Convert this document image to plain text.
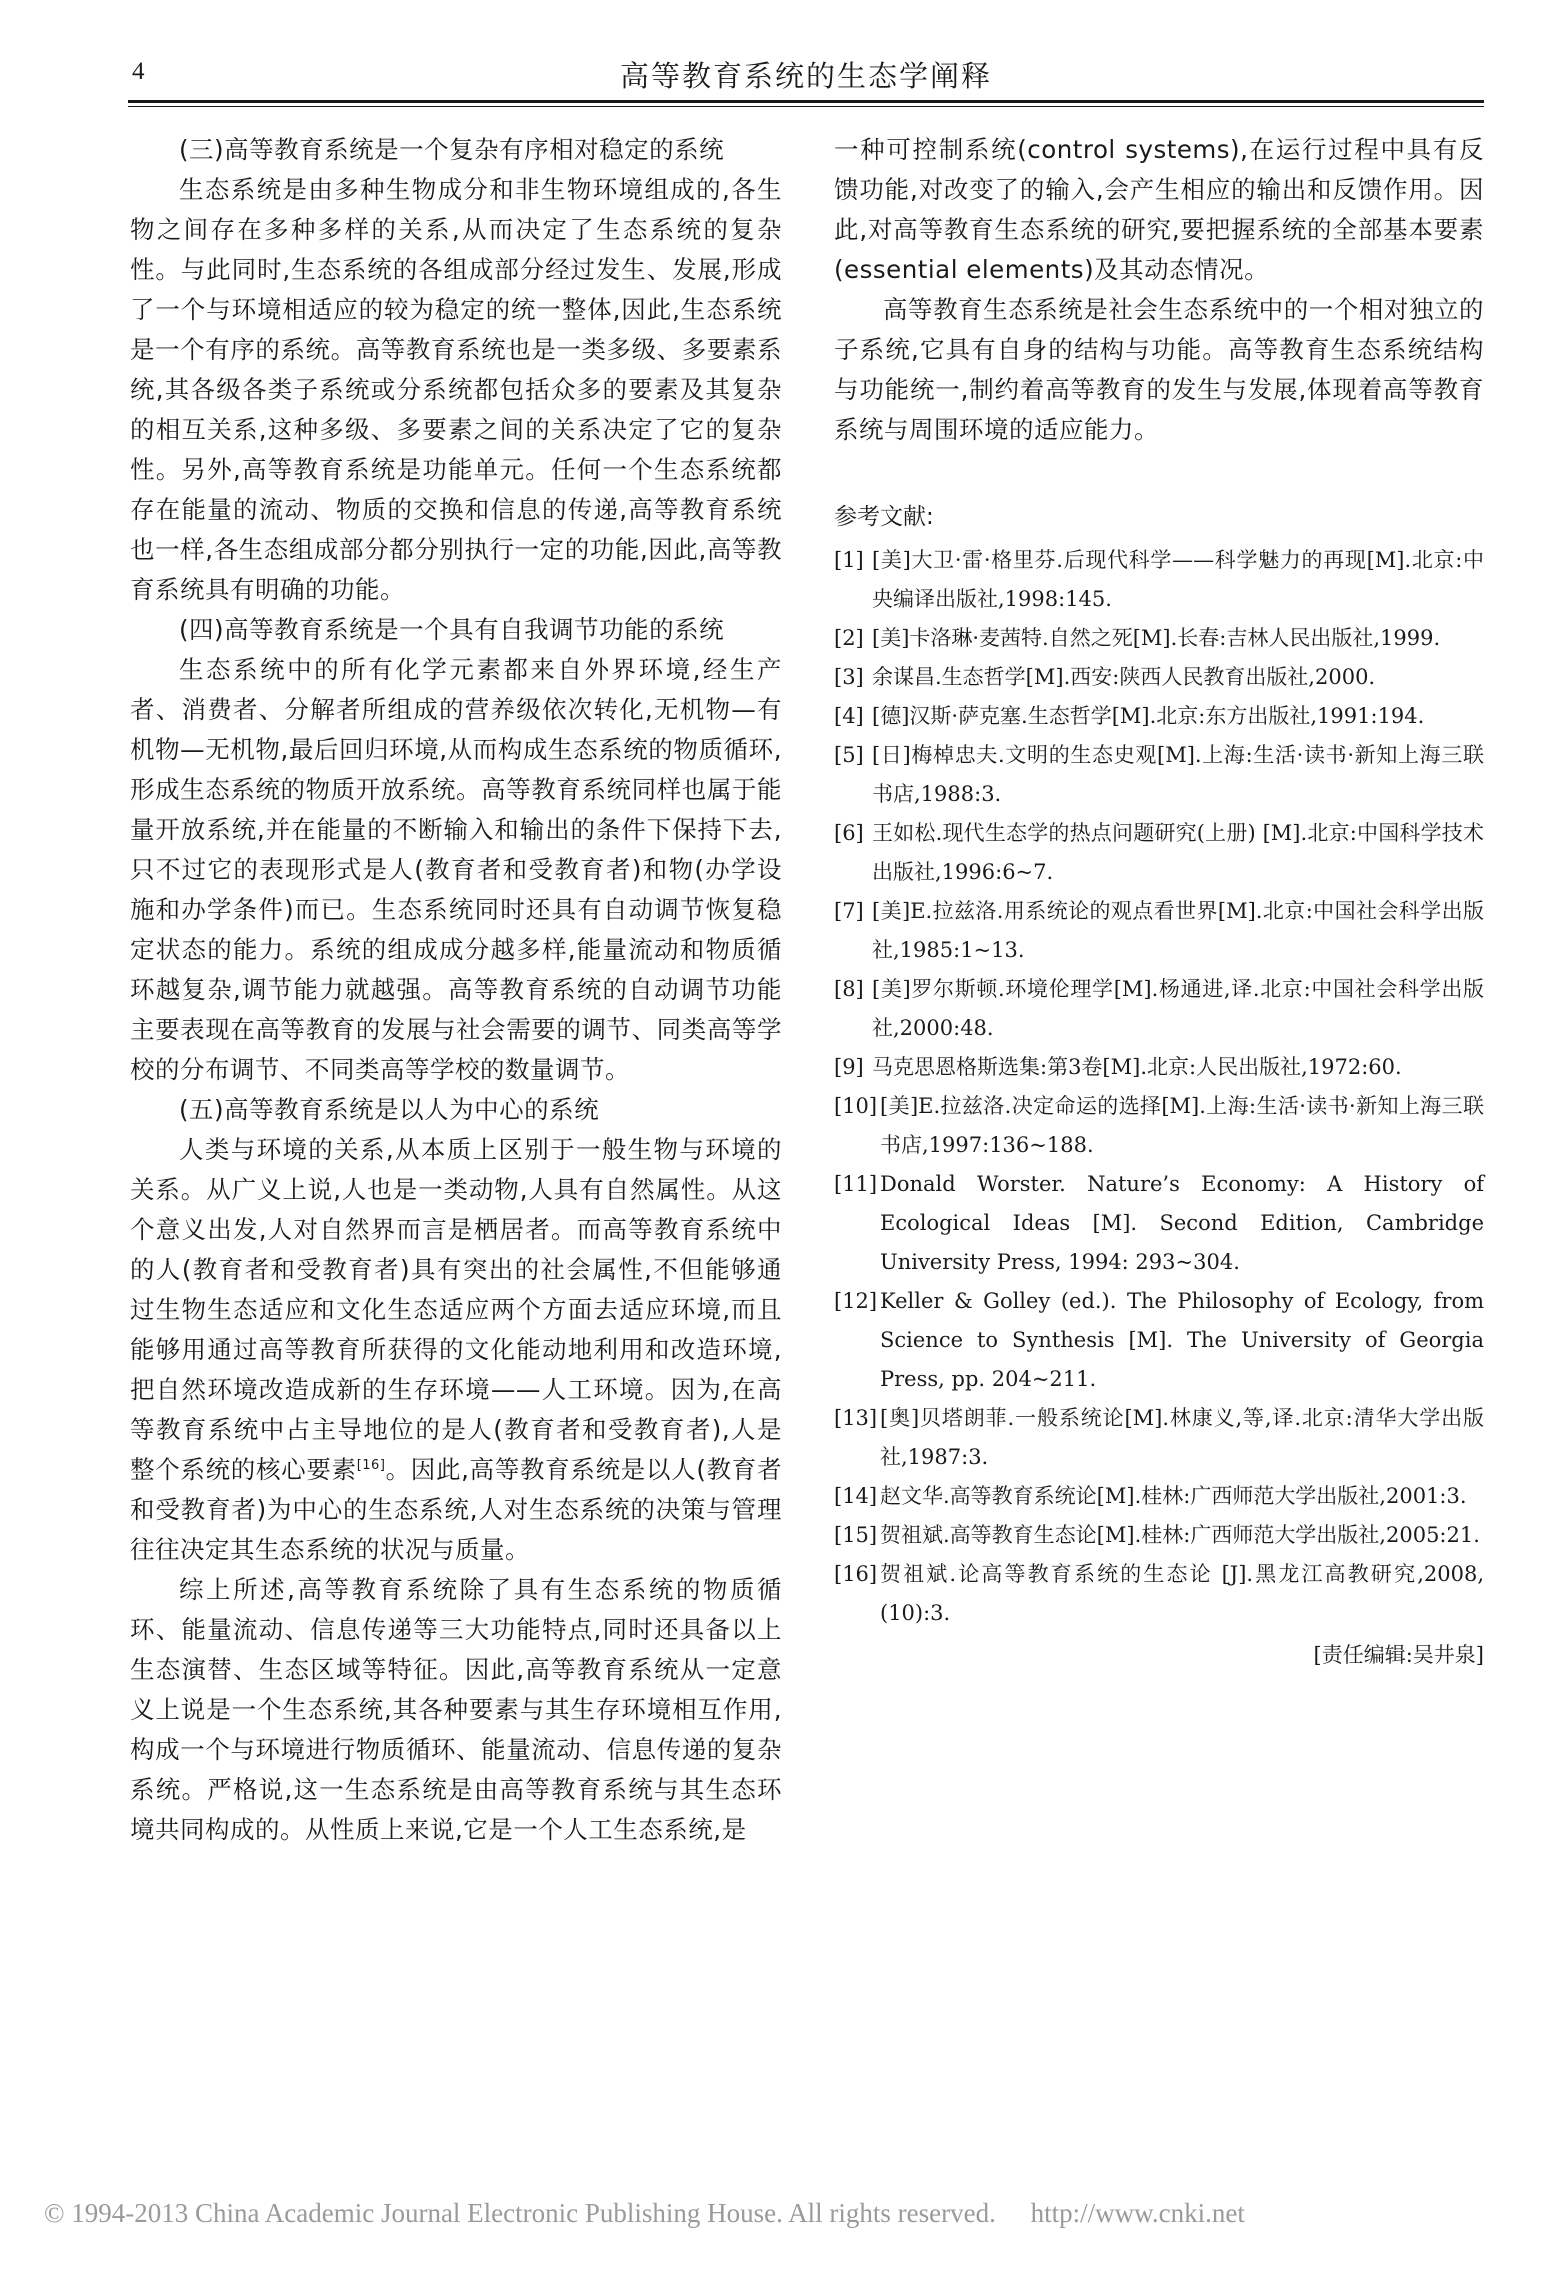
4	高等教育系统的生态学阐释

(三)高等教育系统是一个复杂有序相对稳定的系统

生态系统是由多种生物成分和非生物环境组成的,各生物之间存在多种多样的关系,从而决定了生态系统的复杂性。与此同时,生态系统的各组成部分经过发生、发展,形成了一个与环境相适应的较为稳定的统一整体,因此,生态系统是一个有序的系统。高等教育系统也是一类多级、多要素系统,其各级各类子系统或分系统都包括众多的要素及其复杂的相互关系,这种多级、多要素之间的关系决定了它的复杂性。另外,高等教育系统是功能单元。任何一个生态系统都存在能量的流动、物质的交换和信息的传递,高等教育系统也一样,各生态组成部分都分别执行一定的功能,因此,高等教育系统具有明确的功能。

(四)高等教育系统是一个具有自我调节功能的系统

生态系统中的所有化学元素都来自外界环境,经生产者、消费者、分解者所组成的营养级依次转化,无机物—有机物—无机物,最后回归环境,从而构成生态系统的物质循环,形成生态系统的物质开放系统。高等教育系统同样也属于能量开放系统,并在能量的不断输入和输出的条件下保持下去,只不过它的表现形式是人(教育者和受教育者)和物(办学设施和办学条件)而已。生态系统同时还具有自动调节恢复稳定状态的能力。系统的组成成分越多样,能量流动和物质循环越复杂,调节能力就越强。高等教育系统的自动调节功能主要表现在高等教育的发展与社会需要的调节、同类高等学校的分布调节、不同类高等学校的数量调节。

(五)高等教育系统是以人为中心的系统

人类与环境的关系,从本质上区别于一般生物与环境的关系。从广义上说,人也是一类动物,人具有自然属性。从这个意义出发,人对自然界而言是栖居者。而高等教育系统中的人(教育者和受教育者)具有突出的社会属性,不但能够通过生物生态适应和文化生态适应两个方面去适应环境,而且能够用通过高等教育所获得的文化能动地利用和改造环境,把自然环境改造成新的生存环境——人工环境。因为,在高等教育系统中占主导地位的是人(教育者和受教育者),人是整个系统的核心要素[16]。因此,高等教育系统是以人(教育者和受教育者)为中心的生态系统,人对生态系统的决策与管理往往决定其生态系统的状况与质量。

综上所述,高等教育系统除了具有生态系统的物质循环、能量流动、信息传递等三大功能特点,同时还具备以上生态演替、生态区域等特征。因此,高等教育系统从一定意义上说是一个生态系统,其各种要素与其生存环境相互作用,构成一个与环境进行物质循环、能量流动、信息传递的复杂系统。严格说,这一生态系统是由高等教育系统与其生态环境共同构成的。从性质上来说,它是一个人工生态系统,是

一种可控制系统(control systems),在运行过程中具有反馈功能,对改变了的输入,会产生相应的输出和反馈作用。因此,对高等教育生态系统的研究,要把握系统的全部基本要素(essential elements)及其动态情况。

高等教育生态系统是社会生态系统中的一个相对独立的子系统,它具有自身的结构与功能。高等教育生态系统结构与功能统一,制约着高等教育的发生与发展,体现着高等教育系统与周围环境的适应能力。

参考文献:
[1] [美]大卫·雷·格里芬.后现代科学——科学魅力的再现[M].北京:中央编译出版社,1998:145.
[2] [美]卡洛琳·麦茜特.自然之死[M].长春:吉林人民出版社,1999.
[3] 余谋昌.生态哲学[M].西安:陕西人民教育出版社,2000.
[4] [德]汉斯·萨克塞.生态哲学[M].北京:东方出版社,1991:194.
[5] [日]梅棹忠夫.文明的生态史观[M].上海:生活·读书·新知上海三联书店,1988:3.
[6] 王如松.现代生态学的热点问题研究(上册) [M].北京:中国科学技术出版社,1996:6~7.
[7] [美]E.拉兹洛.用系统论的观点看世界[M].北京:中国社会科学出版社,1985:1~13.
[8] [美]罗尔斯顿.环境伦理学[M].杨通进,译.北京:中国社会科学出版社,2000:48.
[9] 马克思恩格斯选集:第3卷[M].北京:人民出版社,1972:60.
[10] [美]E.拉兹洛.决定命运的选择[M].上海:生活·读书·新知上海三联书店,1997:136~188.
[11] Donald Worster. Nature’s Economy: A History of Ecological Ideas [M]. Second Edition, Cambridge University Press, 1994: 293~304.
[12] Keller & Golley (ed.). The Philosophy of Ecology, from Science to Synthesis [M]. The University of Georgia Press, pp. 204~211.
[13] [奥]贝塔朗菲.一般系统论[M].林康义,等,译.北京:清华大学出版社,1987:3.
[14] 赵文华.高等教育系统论[M].桂林:广西师范大学出版社,2001:3.
[15] 贺祖斌.高等教育生态论[M].桂林:广西师范大学出版社,2005:21.
[16] 贺祖斌.论高等教育系统的生态论 [J].黑龙江高教研究,2008,(10):3.
[责任编辑:吴井泉]
© 1994-2013 China Academic Journal Electronic Publishing House. All rights reserved. http://www.cnki.net
